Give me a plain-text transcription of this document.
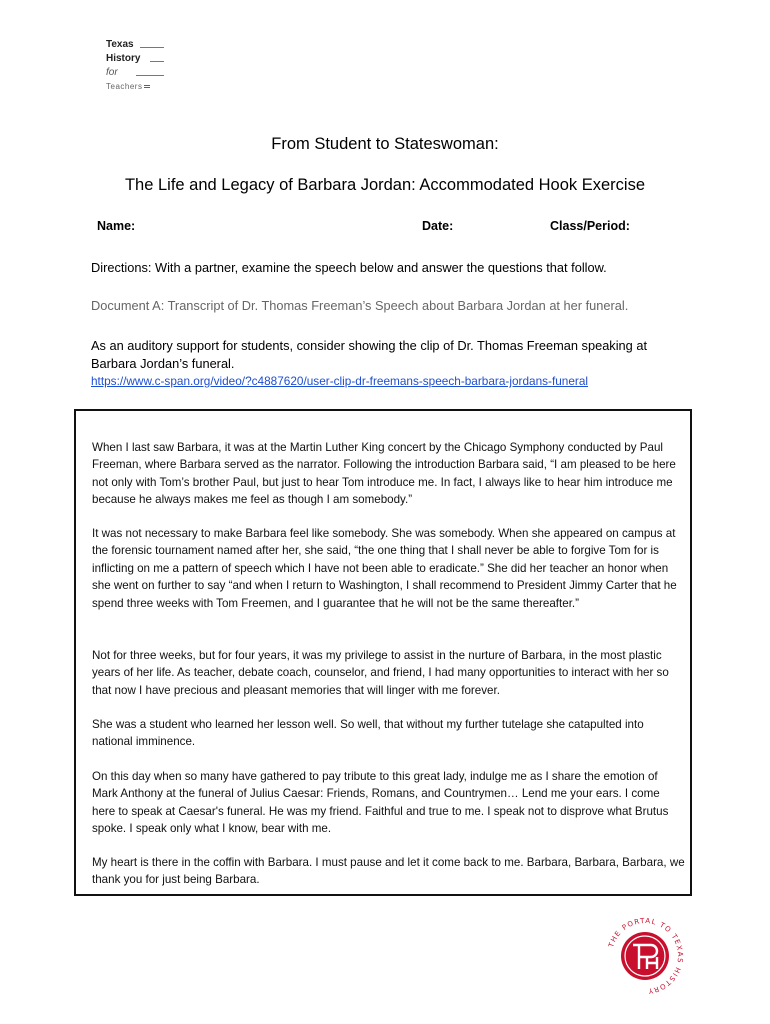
Texas
History
for
Teachers
From Student to Stateswoman:
The Life and Legacy of Barbara Jordan: Accommodated Hook Exercise
Name:	Date:	Class/Period:
Directions: With a partner, examine the speech below and answer the questions that follow.
Document A: Transcript of Dr. Thomas Freeman’s Speech about Barbara Jordan at her funeral.
As an auditory support for students, consider showing the clip of Dr. Thomas Freeman speaking at Barbara Jordan’s funeral.
https://www.c-span.org/video/?c4887620/user-clip-dr-freemans-speech-barbara-jordans-funeral

When I last saw Barbara, it was at the Martin Luther King concert by the Chicago Symphony conducted by Paul Freeman, where Barbara served as the narrator. Following the introduction Barbara said, “I am pleased to be here not only with Tom’s brother Paul, but just to hear Tom introduce me. In fact, I always like to hear him introduce me because he always makes me feel as though I am somebody.”

It was not necessary to make Barbara feel like somebody. She was somebody. When she appeared on campus at the forensic tournament named after her, she said, “the one thing that I shall never be able to forgive Tom for is inflicting on me a pattern of speech which I have not been able to eradicate.” She did her teacher an honor when she went on further to say “and when I return to Washington, I shall recommend to President Jimmy Carter that he spend three weeks with Tom Freemen, and I guarantee that he will not be the same thereafter.”

Not for three weeks, but for four years, it was my privilege to assist in the nurture of Barbara, in the most plastic years of her life. As teacher, debate coach, counselor, and friend, I had many opportunities to interact with her so that now I have precious and pleasant memories that will linger with me forever.

She was a student who learned her lesson well. So well, that without my further tutelage she catapulted into national imminence.

On this day when so many have gathered to pay tribute to this great lady, indulge me as I share the emotion of Mark Anthony at the funeral of Julius Caesar: Friends, Romans, and Countrymen… Lend me your ears. I come here to speak at Caesar's funeral. He was my friend. Faithful and true to me. I speak not to disprove what Brutus spoke. I speak only what I know, bear with me.

My heart is there in the coffin with Barbara. I must pause and let it come back to me. Barbara, Barbara, Barbara, we thank you for just being Barbara.

THE PORTAL TO TEXAS HISTORY
